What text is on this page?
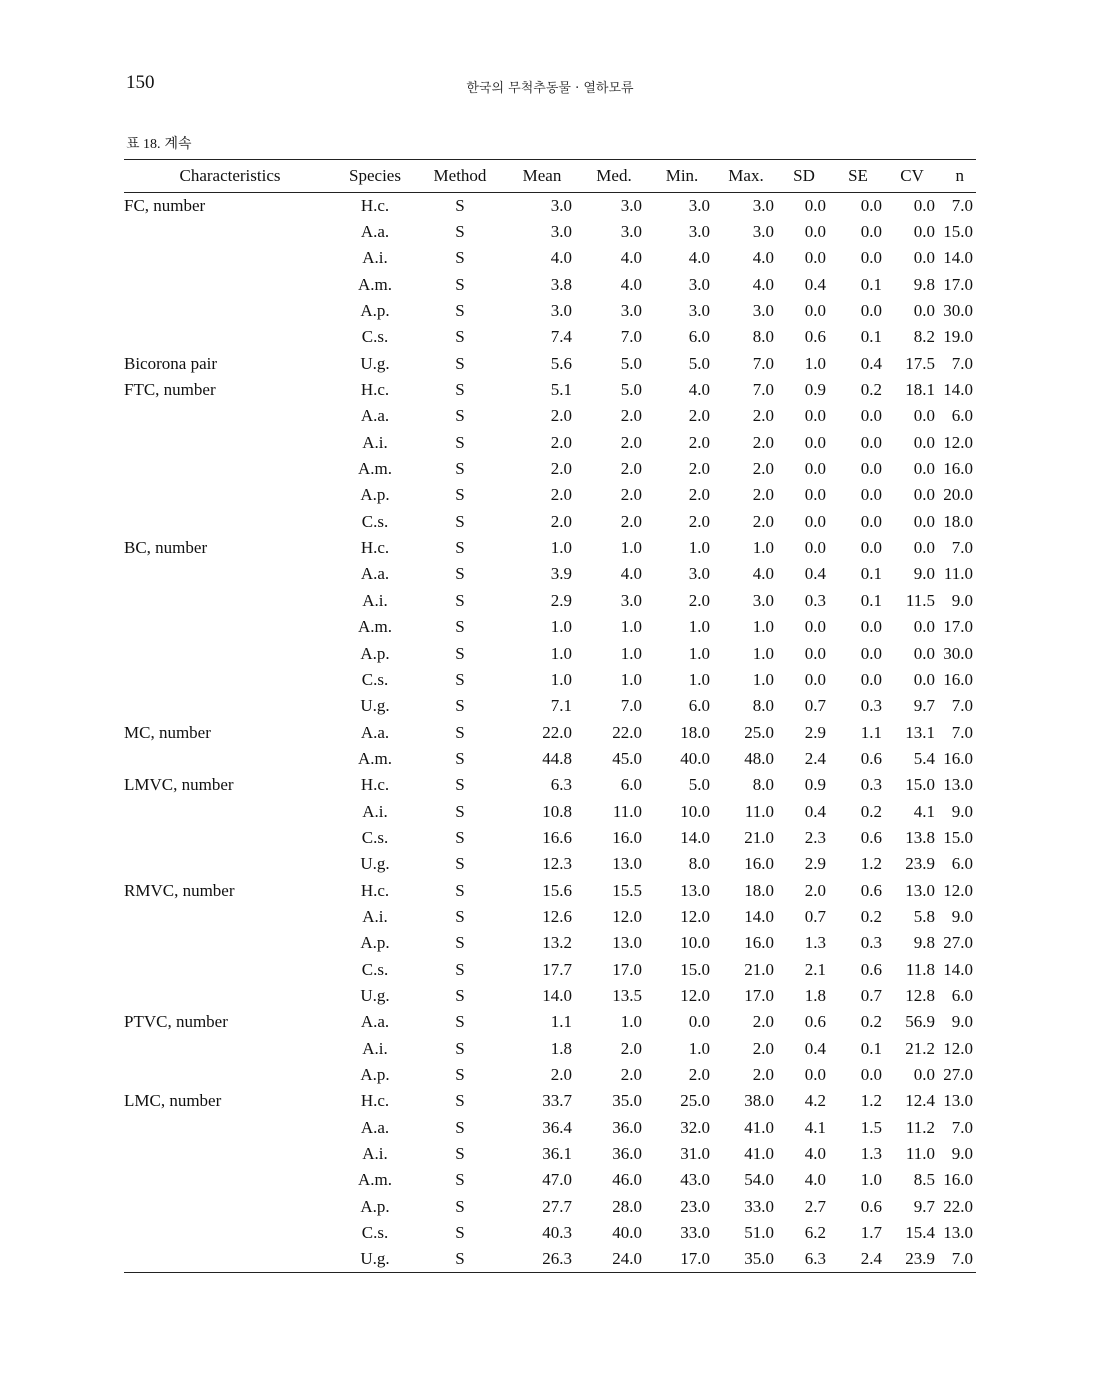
150	한국의 무척추동물 · 열하모류
표 18. 계속
Characteristics	Species	Method	Mean	Med.	Min.	Max.	SD	SE	CV	n
FC, number	H.c.	S	3.0	3.0	3.0	3.0	0.0	0.0	0.0	7.0
	A.a.	S	3.0	3.0	3.0	3.0	0.0	0.0	0.0	15.0
	A.i.	S	4.0	4.0	4.0	4.0	0.0	0.0	0.0	14.0
	A.m.	S	3.8	4.0	3.0	4.0	0.4	0.1	9.8	17.0
	A.p.	S	3.0	3.0	3.0	3.0	0.0	0.0	0.0	30.0
	C.s.	S	7.4	7.0	6.0	8.0	0.6	0.1	8.2	19.0
Bicorona pair	U.g.	S	5.6	5.0	5.0	7.0	1.0	0.4	17.5	7.0
FTC, number	H.c.	S	5.1	5.0	4.0	7.0	0.9	0.2	18.1	14.0
	A.a.	S	2.0	2.0	2.0	2.0	0.0	0.0	0.0	6.0
	A.i.	S	2.0	2.0	2.0	2.0	0.0	0.0	0.0	12.0
	A.m.	S	2.0	2.0	2.0	2.0	0.0	0.0	0.0	16.0
	A.p.	S	2.0	2.0	2.0	2.0	0.0	0.0	0.0	20.0
	C.s.	S	2.0	2.0	2.0	2.0	0.0	0.0	0.0	18.0
BC, number	H.c.	S	1.0	1.0	1.0	1.0	0.0	0.0	0.0	7.0
	A.a.	S	3.9	4.0	3.0	4.0	0.4	0.1	9.0	11.0
	A.i.	S	2.9	3.0	2.0	3.0	0.3	0.1	11.5	9.0
	A.m.	S	1.0	1.0	1.0	1.0	0.0	0.0	0.0	17.0
	A.p.	S	1.0	1.0	1.0	1.0	0.0	0.0	0.0	30.0
	C.s.	S	1.0	1.0	1.0	1.0	0.0	0.0	0.0	16.0
	U.g.	S	7.1	7.0	6.0	8.0	0.7	0.3	9.7	7.0
MC, number	A.a.	S	22.0	22.0	18.0	25.0	2.9	1.1	13.1	7.0
	A.m.	S	44.8	45.0	40.0	48.0	2.4	0.6	5.4	16.0
LMVC, number	H.c.	S	6.3	6.0	5.0	8.0	0.9	0.3	15.0	13.0
	A.i.	S	10.8	11.0	10.0	11.0	0.4	0.2	4.1	9.0
	C.s.	S	16.6	16.0	14.0	21.0	2.3	0.6	13.8	15.0
	U.g.	S	12.3	13.0	8.0	16.0	2.9	1.2	23.9	6.0
RMVC, number	H.c.	S	15.6	15.5	13.0	18.0	2.0	0.6	13.0	12.0
	A.i.	S	12.6	12.0	12.0	14.0	0.7	0.2	5.8	9.0
	A.p.	S	13.2	13.0	10.0	16.0	1.3	0.3	9.8	27.0
	C.s.	S	17.7	17.0	15.0	21.0	2.1	0.6	11.8	14.0
	U.g.	S	14.0	13.5	12.0	17.0	1.8	0.7	12.8	6.0
PTVC, number	A.a.	S	1.1	1.0	0.0	2.0	0.6	0.2	56.9	9.0
	A.i.	S	1.8	2.0	1.0	2.0	0.4	0.1	21.2	12.0
	A.p.	S	2.0	2.0	2.0	2.0	0.0	0.0	0.0	27.0
LMC, number	H.c.	S	33.7	35.0	25.0	38.0	4.2	1.2	12.4	13.0
	A.a.	S	36.4	36.0	32.0	41.0	4.1	1.5	11.2	7.0
	A.i.	S	36.1	36.0	31.0	41.0	4.0	1.3	11.0	9.0
	A.m.	S	47.0	46.0	43.0	54.0	4.0	1.0	8.5	16.0
	A.p.	S	27.7	28.0	23.0	33.0	2.7	0.6	9.7	22.0
	C.s.	S	40.3	40.0	33.0	51.0	6.2	1.7	15.4	13.0
	U.g.	S	26.3	24.0	17.0	35.0	6.3	2.4	23.9	7.0
